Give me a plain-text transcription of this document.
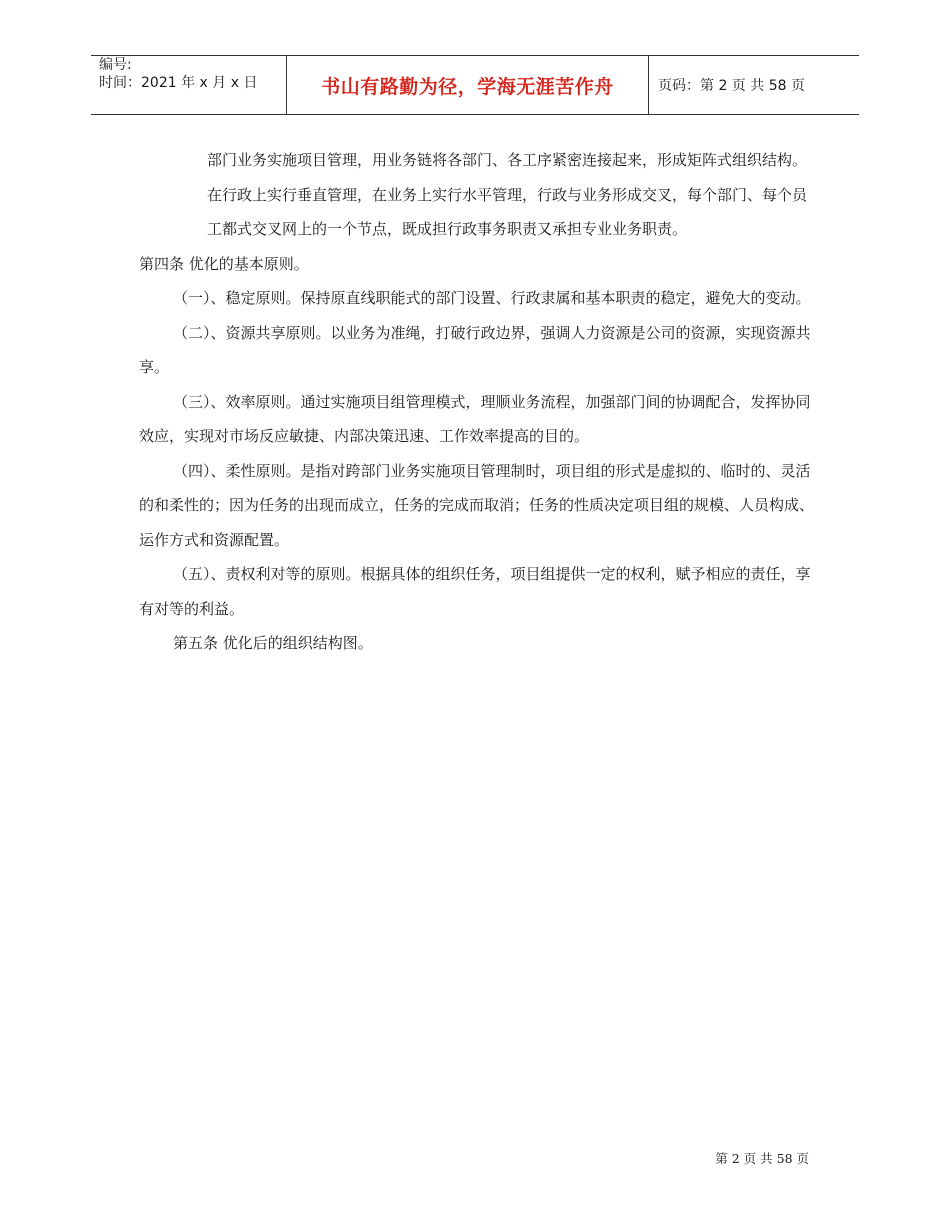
编号:
时间：2021 年 x 月 x 日	书山有路勤为径，学海无涯苦作舟	页码：第 2 页 共 58 页

部门业务实施项目管理，用业务链将各部门、各工序紧密连接起来，形成矩阵式组织结构。在行政上实行垂直管理，在业务上实行水平管理，行政与业务形成交叉，每个部门、每个员工都式交叉网上的一个节点，既成担行政事务职责又承担专业业务职责。

第四条 优化的基本原则。

（一）、稳定原则。保持原直线职能式的部门设置、行政隶属和基本职责的稳定，避免大的变动。

（二）、资源共享原则。以业务为准绳，打破行政边界，强调人力资源是公司的资源，实现资源共享。

（三）、效率原则。通过实施项目组管理模式，理顺业务流程，加强部门间的协调配合，发挥协同效应，实现对市场反应敏捷、内部决策迅速、工作效率提高的目的。

（四）、柔性原则。是指对跨部门业务实施项目管理制时，项目组的形式是虚拟的、临时的、灵活的和柔性的；因为任务的出现而成立，任务的完成而取消；任务的性质决定项目组的规模、人员构成、运作方式和资源配置。

（五）、责权利对等的原则。根据具体的组织任务，项目组提供一定的权利，赋予相应的责任，享有对等的利益。

第五条 优化后的组织结构图。

第 2 页 共 58 页
